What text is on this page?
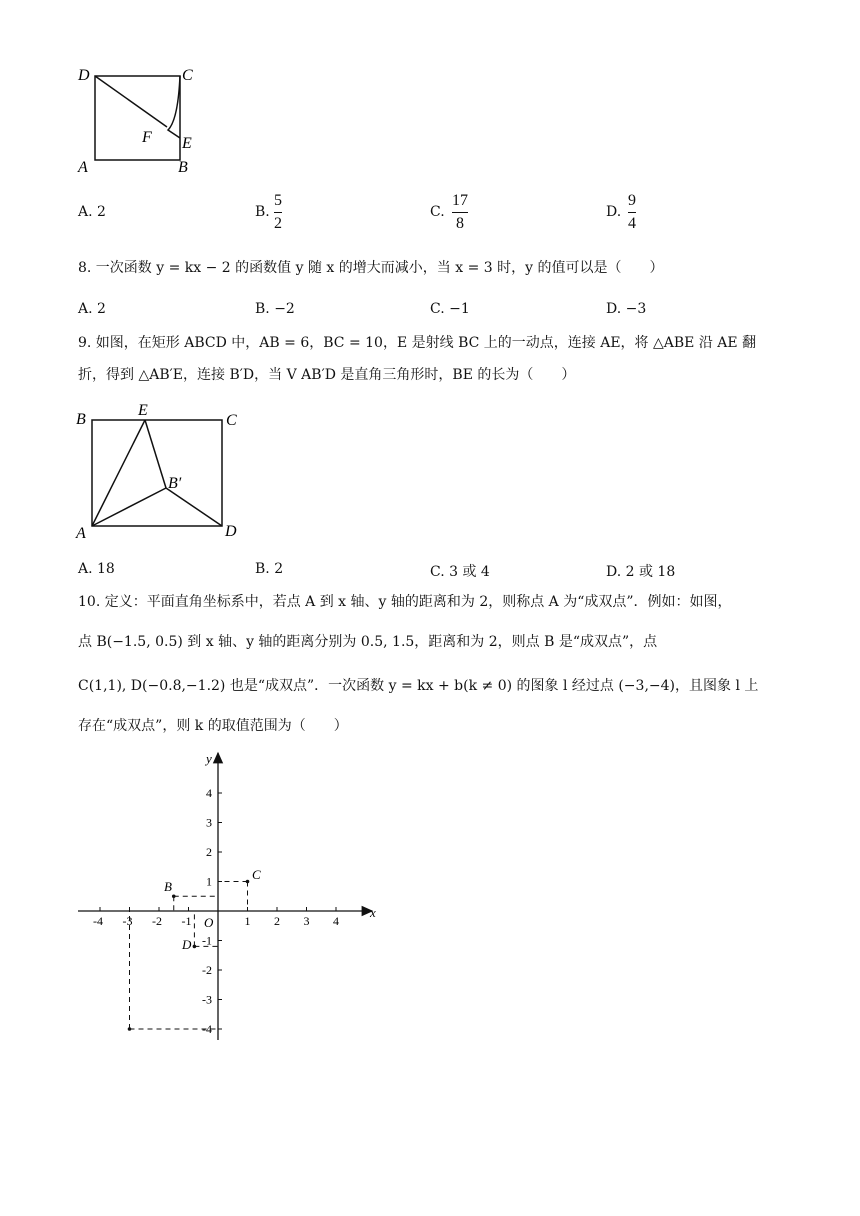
D	C
A	B
E
F
A. 2	B.
5
2
C.
17
8
D.
9
4
8. 一次函数 y = kx − 2 的函数值 y 随 x 的增大而减小，当 x = 3 时，y 的值可以是（　　）
A. 2	B. −2	C. −1	D. −3
9. 如图，在矩形 ABCD 中，AB = 6，BC = 10，E 是射线 BC 上的一动点，连接 AE，将 △ABE 沿 AE 翻
折，得到 △AB′E，连接 B′D，当 V AB′D 是直角三角形时，BE 的长为（　　）
B
E
C
B′
A	D
A. 18	B. 2	C. 3 或 4	D. 2 或 18
10. 定义：平面直角坐标系中，若点 A 到 x 轴、y 轴的距离和为 2，则称点 A 为“成双点”．例如：如图，
点 B(−1.5, 0.5) 到 x 轴、y 轴的距离分别为 0.5, 1.5，距离和为 2，则点 B 是“成双点”，点
C(1,1), D(−0.8,−1.2) 也是“成双点”．一次函数 y = kx + b(k ≠ 0) 的图象 l 经过点 (−3,−4)，且图象 l 上
存在“成双点”，则 k 的取值范围为（　　）
-4 -3 -2 -1	1 2 3 4
4
3
2
1
-1
-2
-3
-4
x
y
O
B
C
D
